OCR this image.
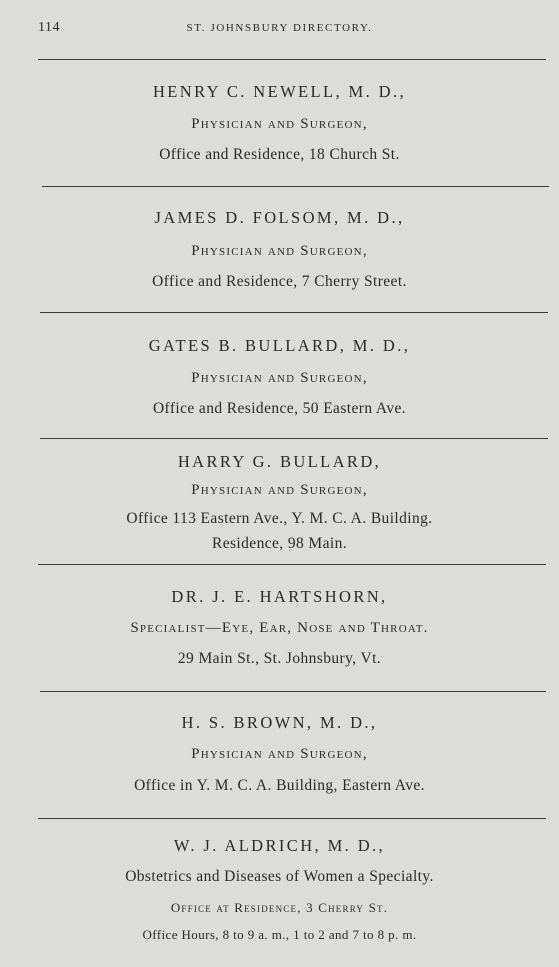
114	ST. JOHNSBURY DIRECTORY.
HENRY C. NEWELL, M. D.,
Physician and Surgeon,
Office and Residence, 18 Church St.
JAMES D. FOLSOM, M. D.,
Physician and Surgeon,
Office and Residence, 7 Cherry Street.
GATES B. BULLARD, M. D.,
Physician and Surgeon,
Office and Residence, 50 Eastern Ave.
HARRY G. BULLARD,
Physician and Surgeon,
Office 113 Eastern Ave., Y. M. C. A. Building.
Residence, 98 Main.
DR. J. E. HARTSHORN,
Specialist—Eye, Ear, Nose and Throat.
29 Main St., St. Johnsbury, Vt.
H. S. BROWN, M. D.,
Physician and Surgeon,
Office in Y. M. C. A. Building, Eastern Ave.
W. J. ALDRICH, M. D.,
Obstetrics and Diseases of Women a Specialty.
Office at Residence, 3 Cherry St.
Office Hours, 8 to 9 a. m., 1 to 2 and 7 to 8 p. m.
